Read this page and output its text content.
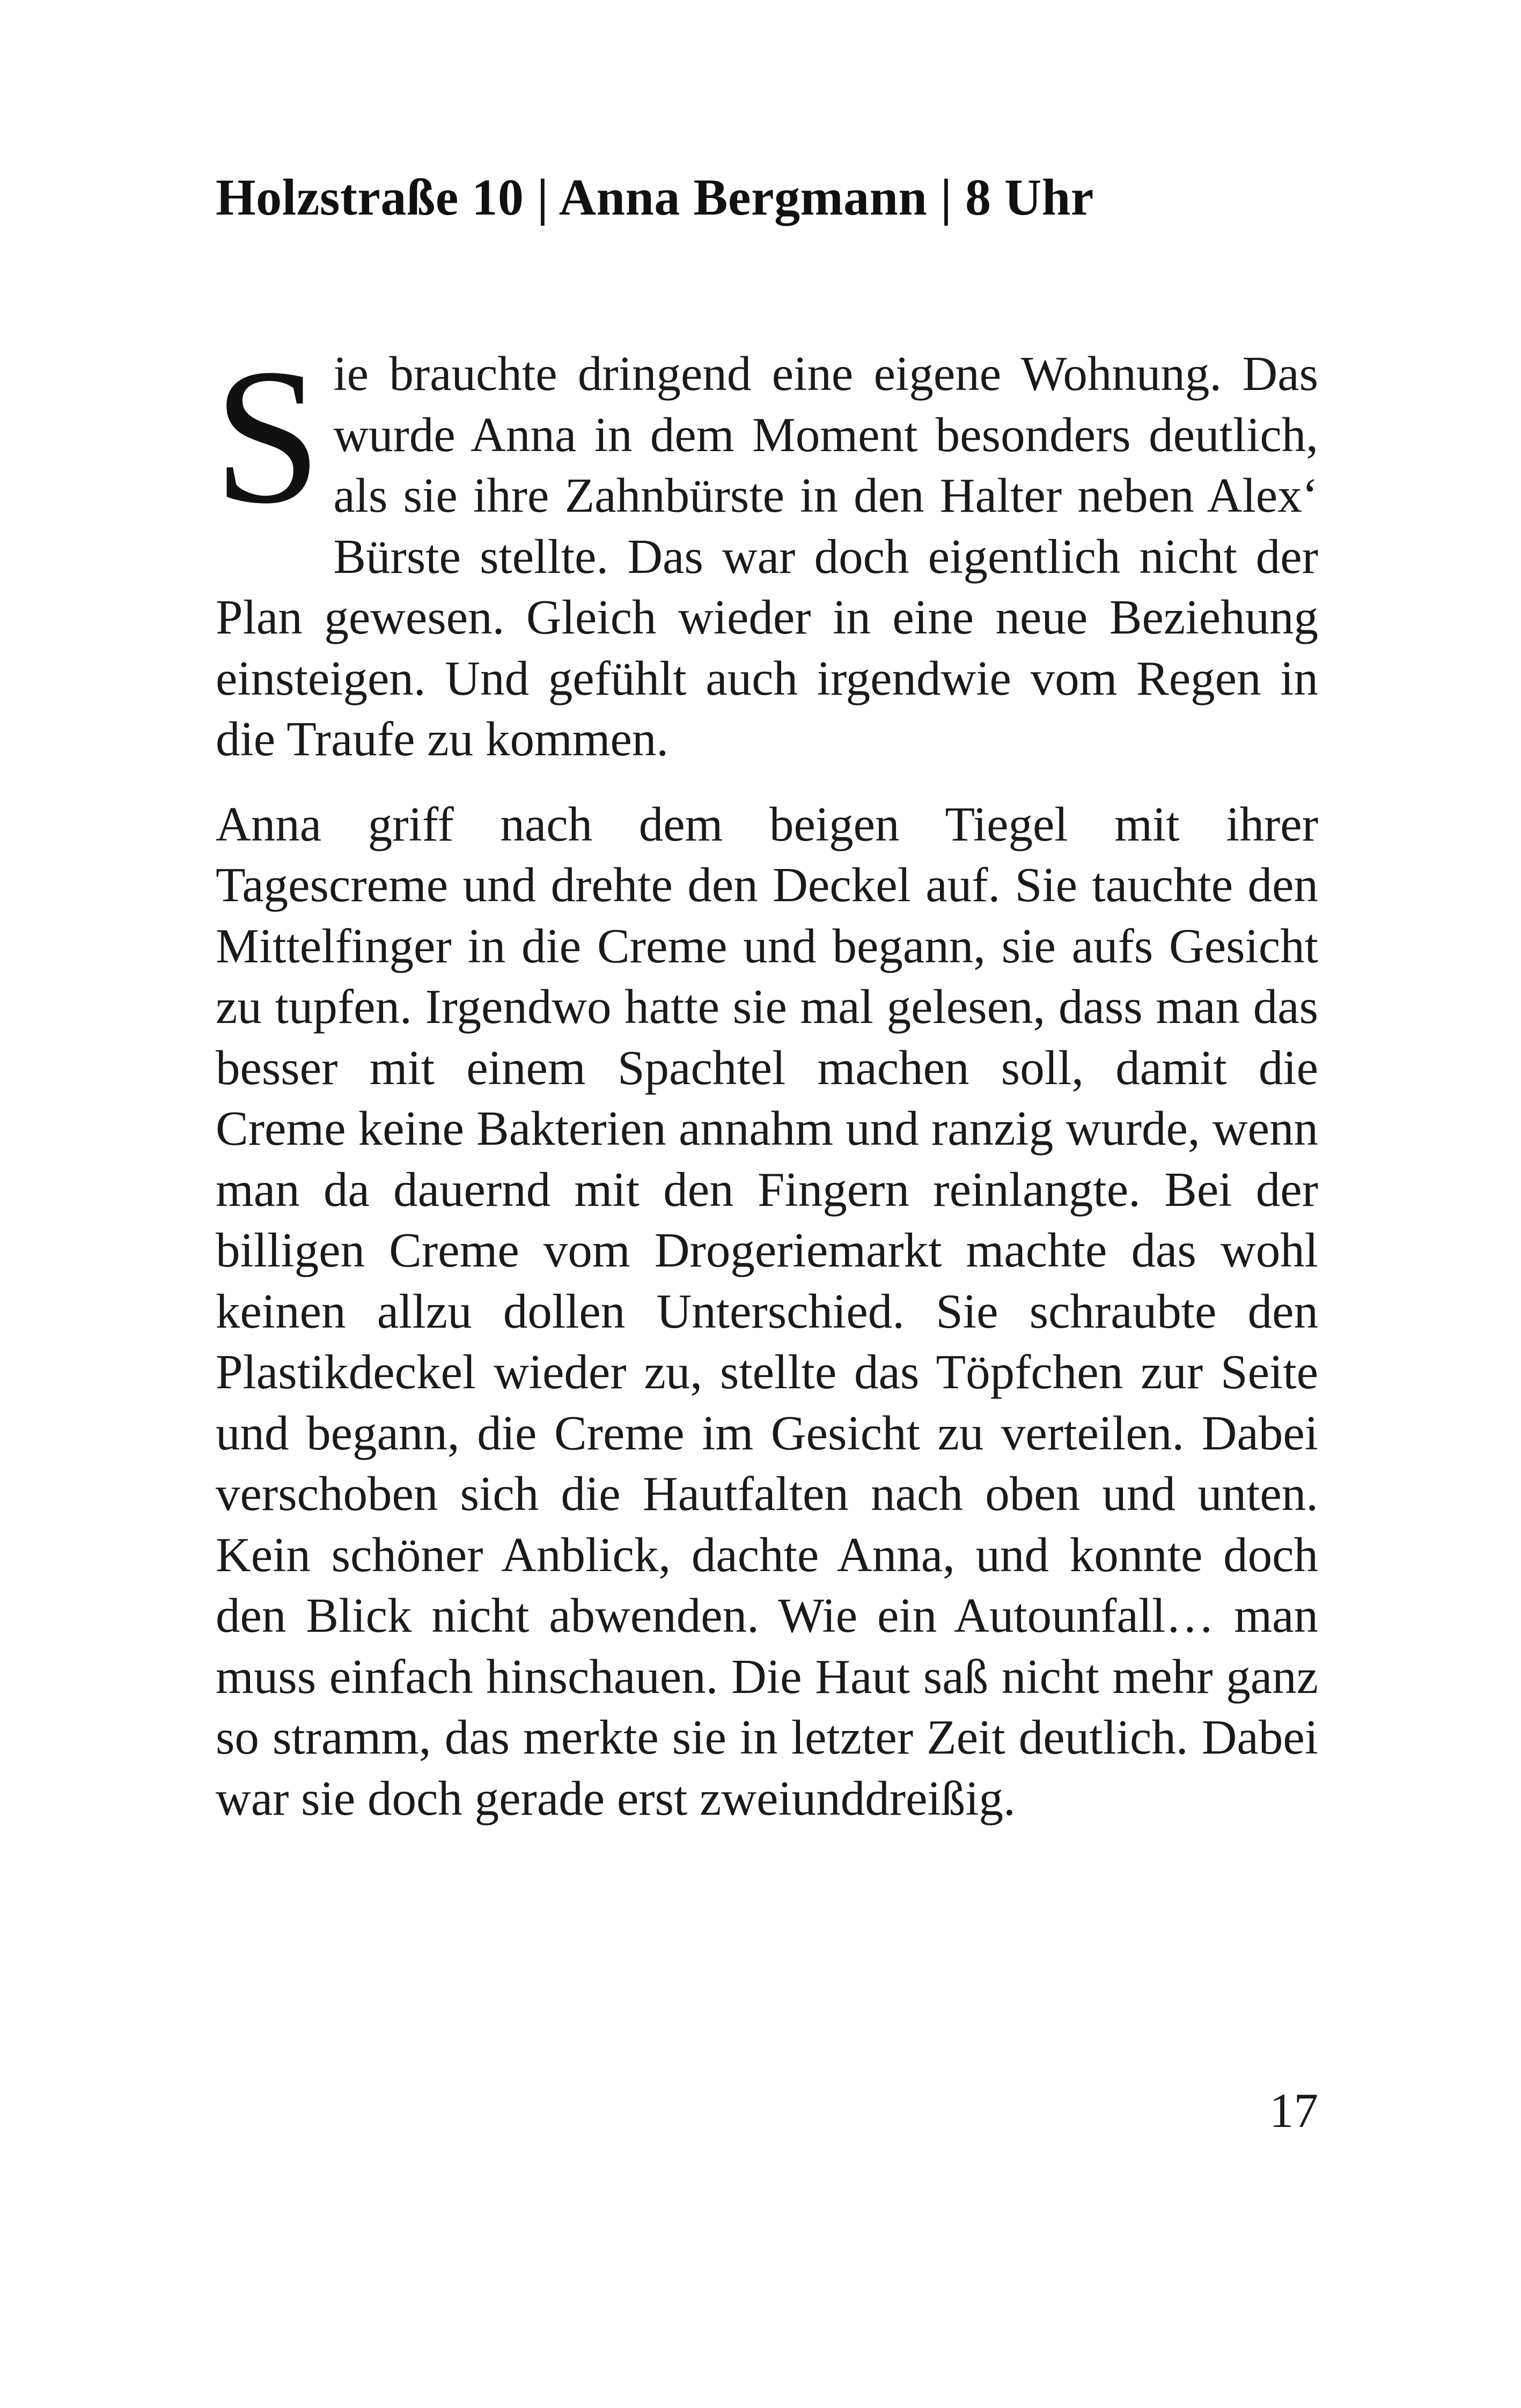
Holzstraße 10 | Anna Bergmann | 8 Uhr

Sie brauchte dringend eine eigene Wohnung. Das wurde Anna in dem Moment besonders deutlich, als sie ihre Zahnbürste in den Halter neben Alex‘ Bürste stellte. Das war doch eigentlich nicht der Plan gewesen. Gleich wieder in eine neue Beziehung einsteigen. Und gefühlt auch irgendwie vom Regen in die Traufe zu kommen.

Anna griff nach dem beigen Tiegel mit ihrer Tagescreme und drehte den Deckel auf. Sie tauchte den Mittelfinger in die Creme und begann, sie aufs Gesicht zu tupfen. Irgendwo hatte sie mal gelesen, dass man das besser mit einem Spachtel machen soll, damit die Creme keine Bakterien annahm und ranzig wurde, wenn man da dauernd mit den Fingern reinlangte. Bei der billigen Creme vom Drogeriemarkt machte das wohl keinen allzu dollen Unterschied. Sie schraubte den Plastikdeckel wieder zu, stellte das Töpfchen zur Seite und begann, die Creme im Gesicht zu verteilen. Dabei verschoben sich die Hautfalten nach oben und unten. Kein schöner Anblick, dachte Anna, und konnte doch den Blick nicht abwenden. Wie ein Autounfall… man muss einfach hinschauen. Die Haut saß nicht mehr ganz so stramm, das merkte sie in letzter Zeit deutlich. Dabei war sie doch gerade erst zweiunddreißig.

17
